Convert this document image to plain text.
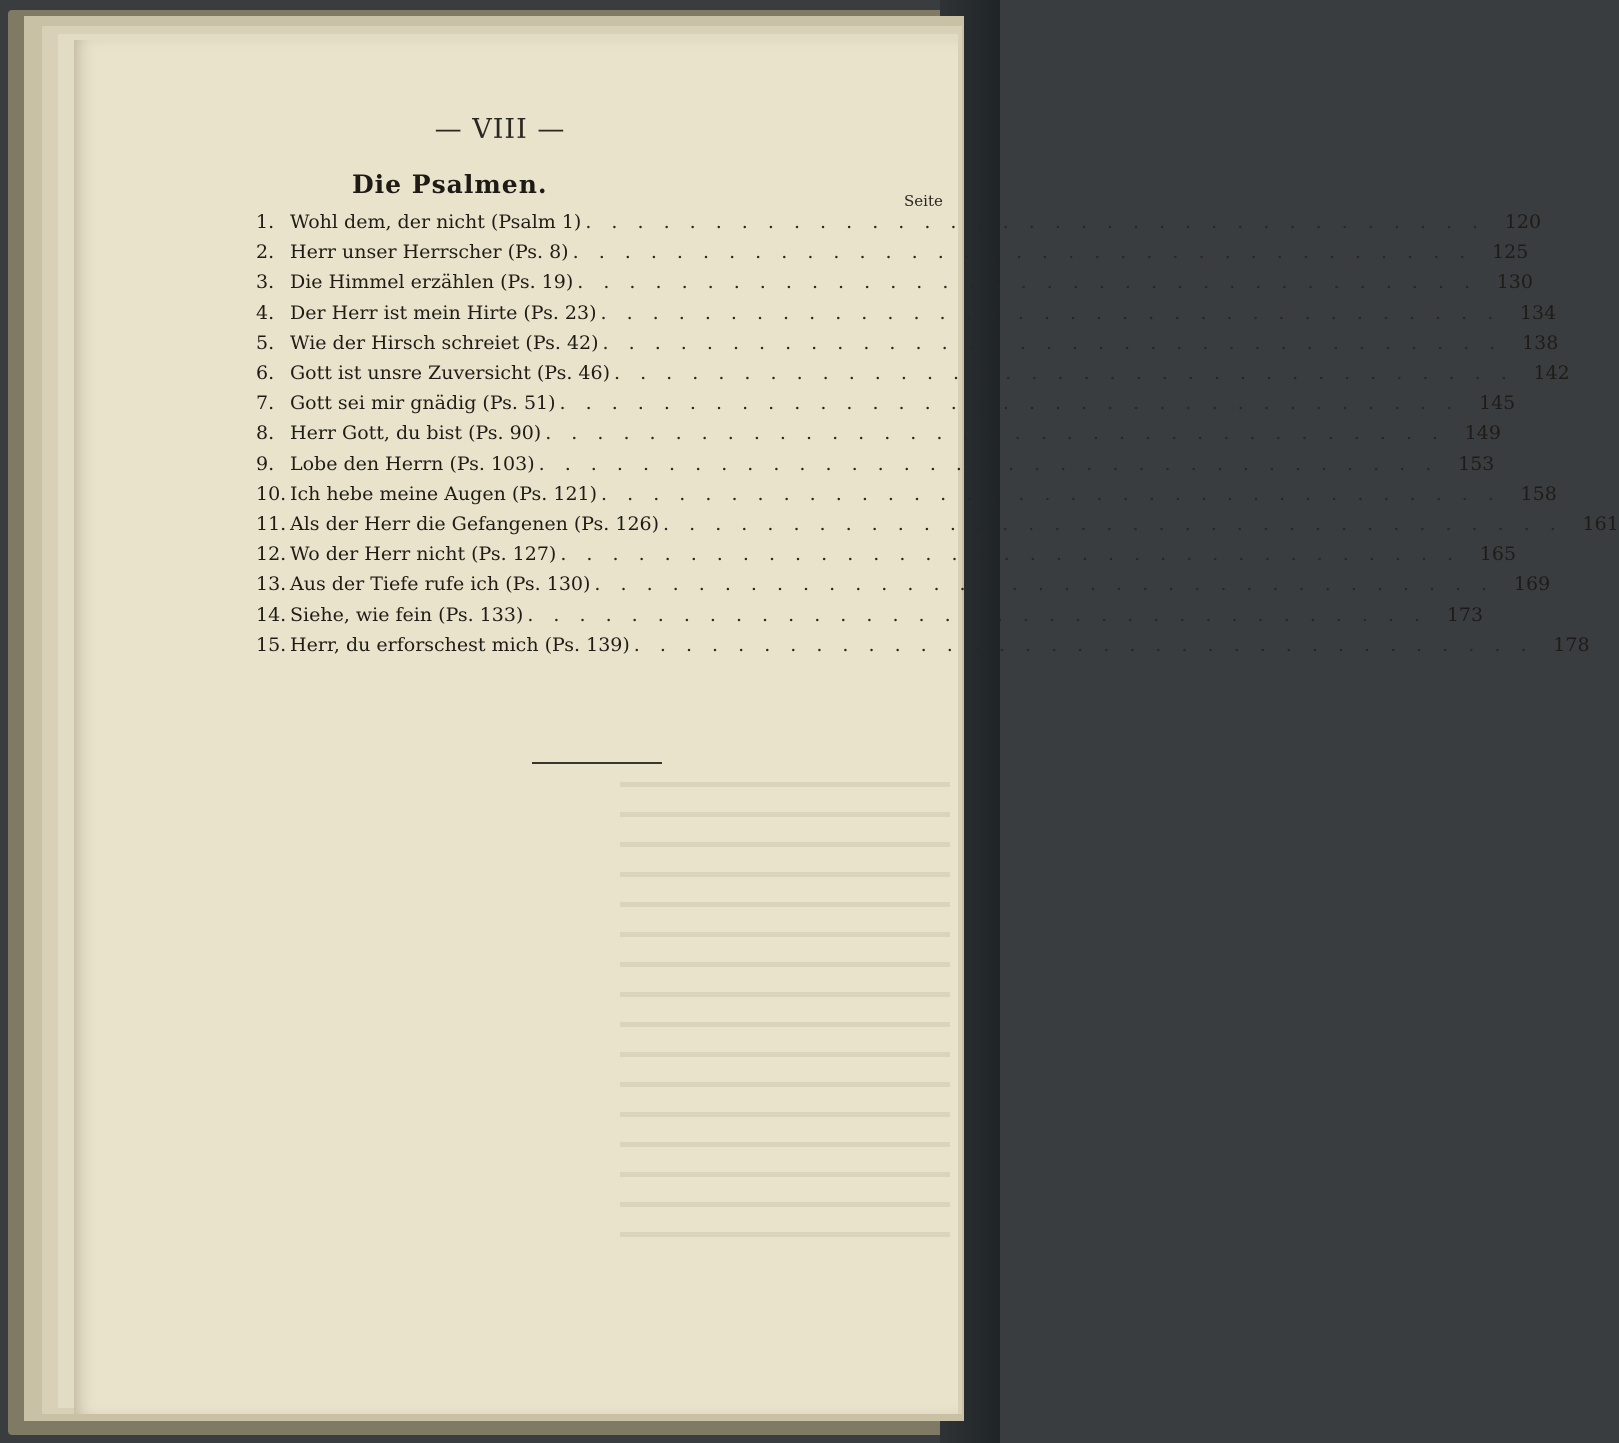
— VIII —
Die Psalmen.
Seite
1. Wohl dem, der nicht (Psalm 1) . . . . . . . . . . . . . . . . . . . . . . . . . . . . . . . . . . .	120
2. Herr unser Herrscher (Ps. 8) . . . . . . . . . . . . . . . . . . . . . . . . . . . . . . . . . . .	125
3. Die Himmel erzählen (Ps. 19) . . . . . . . . . . . . . . . . . . . . . . . . . . . . . . . . . . .	130
4. Der Herr ist mein Hirte (Ps. 23) . . . . . . . . . . . . . . . . . . . . . . . . . . . . . . . . . . .	134
5. Wie der Hirsch schreiet (Ps. 42) . . . . . . . . . . . . . . . . . . . . . . . . . . . . . . . . . . .	138
6. Gott ist unsre Zuversicht (Ps. 46) . . . . . . . . . . . . . . . . . . . . . . . . . . . . . . . . . . .	142
7. Gott sei mir gnädig (Ps. 51) . . . . . . . . . . . . . . . . . . . . . . . . . . . . . . . . . . .	145
8. Herr Gott, du bist (Ps. 90) . . . . . . . . . . . . . . . . . . . . . . . . . . . . . . . . . . .	149
9. Lobe den Herrn (Ps. 103) . . . . . . . . . . . . . . . . . . . . . . . . . . . . . . . . . . .	153
10. Ich hebe meine Augen (Ps. 121) . . . . . . . . . . . . . . . . . . . . . . . . . . . . . . . . . . .	158
11. Als der Herr die Gefangenen (Ps. 126) . . . . . . . . . . . . . . . . . . . . . . . . . . . . . . . . . . .	161
12. Wo der Herr nicht (Ps. 127) . . . . . . . . . . . . . . . . . . . . . . . . . . . . . . . . . . .	165
13. Aus der Tiefe rufe ich (Ps. 130) . . . . . . . . . . . . . . . . . . . . . . . . . . . . . . . . . . .	169
14. Siehe, wie fein (Ps. 133) . . . . . . . . . . . . . . . . . . . . . . . . . . . . . . . . . . .	173
15. Herr, du erforschest mich (Ps. 139) . . . . . . . . . . . . . . . . . . . . . . . . . . . . . . . . . . .	178
